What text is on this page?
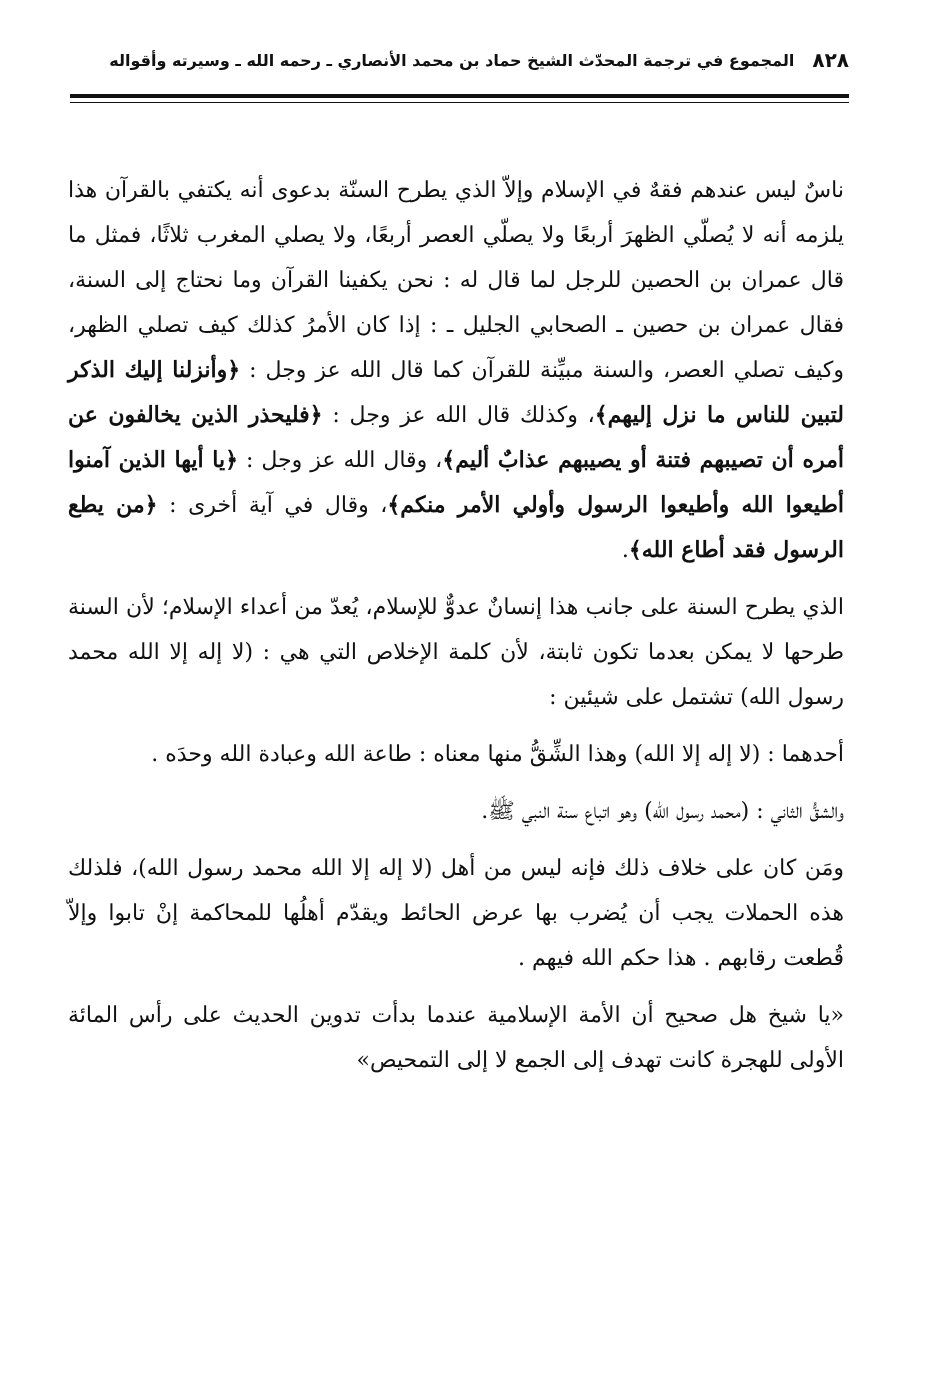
٨٢٨
المجموع في ترجمة المحدّث الشيخ حماد بن محمد الأنصاري ـ رحمه الله ـ وسيرته وأقواله

ناسٌ ليس عندهم فقهٌ في الإسلام وإلاّ الذي يطرح السنّة بدعوى أنه يكتفي بالقرآن هذا يلزمه أنه لا يُصلّي الظهرَ أربعًا ولا يصلّي العصر أربعًا، ولا يصلي المغرب ثلاثًا، فمثل ما قال عمران بن الحصين للرجل لما قال له : نحن يكفينا القرآن وما نحتاج إلى السنة، فقال عمران بن حصين ـ الصحابي الجليل ـ : إذا كان الأمرُ كذلك كيف تصلي الظهر، وكيف تصلي العصر، والسنة مبيِّنة للقرآن كما قال الله عز وجل : ﴿وأنزلنا إليك الذكر لتبين للناس ما نزل إليهم﴾، وكذلك قال الله عز وجل : ﴿فليحذر الذين يخالفون عن أمره أن تصيبهم فتنة أو يصيبهم عذابٌ أليم﴾، وقال الله عز وجل : ﴿يا أيها الذين آمنوا أطيعوا الله وأطيعوا الرسول وأولي الأمر منكم﴾، وقال في آية أخرى : ﴿من يطع الرسول فقد أطاع الله﴾.

الذي يطرح السنة على جانب هذا إنسانٌ عدوٌّ للإسلام، يُعدّ من أعداء الإسلام؛ لأن السنة طرحها لا يمكن بعدما تكون ثابتة، لأن كلمة الإخلاص التي هي : (لا إله إلا الله محمد رسول الله) تشتمل على شيئين :

أحدهما : (لا إله إلا الله) وهذا الشِّقُّ منها معناه : طاعة الله وعبادة الله وحدَه .

والشقُّ الثاني : (محمد رسول الله) وهو اتباع سنة النبي ﷺ.

ومَن كان على خلاف ذلك فإنه ليس من أهل (لا إله إلا الله محمد رسول الله)، فلذلك هذه الحملات يجب أن يُضرب بها عرض الحائط ويقدّم أهلُها للمحاكمة إنْ تابوا وإلاّ قُطعت رقابهم . هذا حكم الله فيهم .

«يا شيخ هل صحيح أن الأمة الإسلامية عندما بدأت تدوين الحديث على رأس المائة الأولى للهجرة كانت تهدف إلى الجمع لا إلى التمحيص»
